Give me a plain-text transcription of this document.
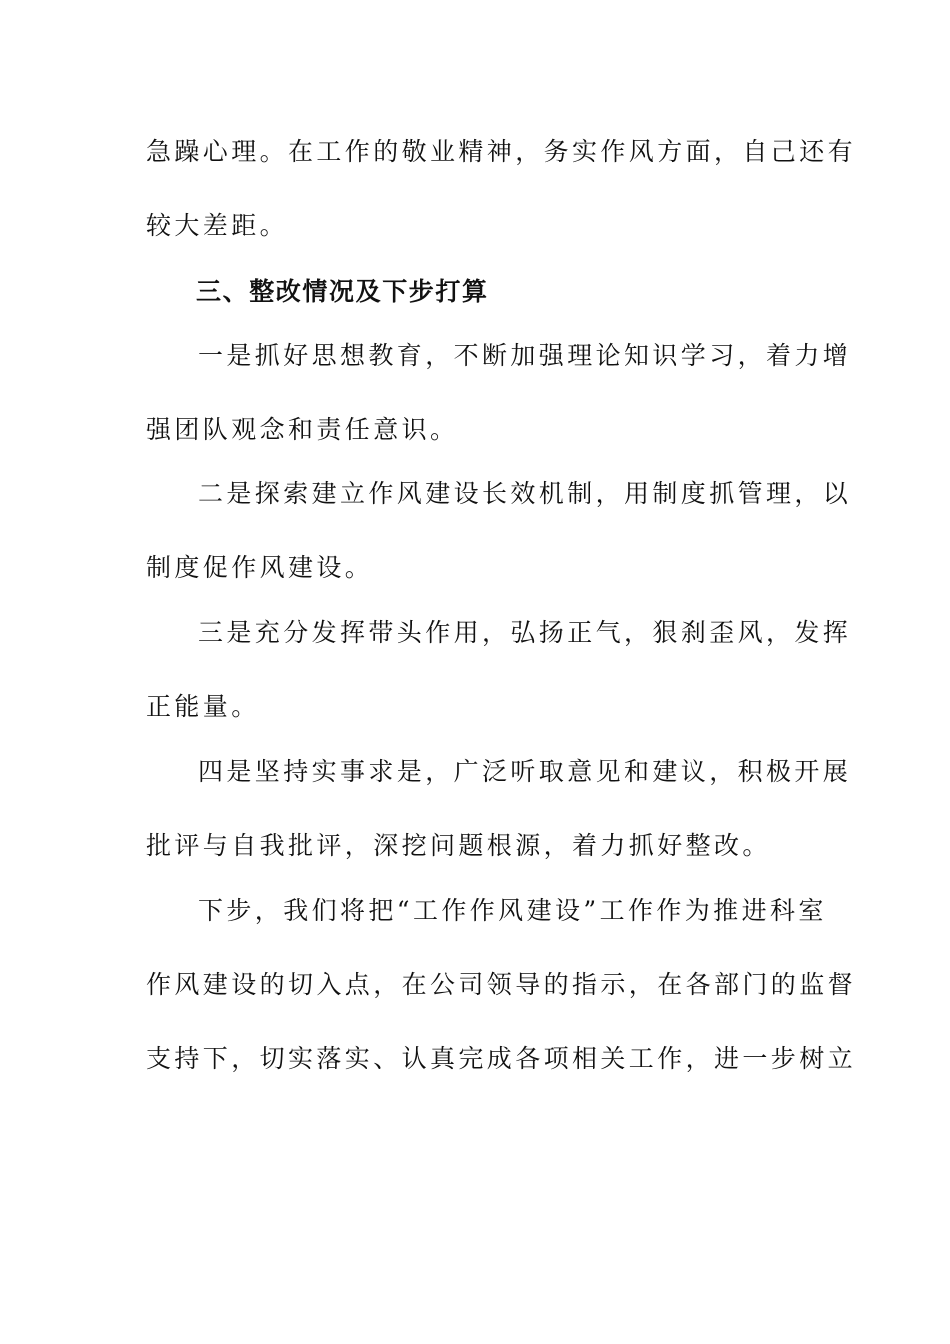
急躁心理。在工作的敬业精神，务实作风方面，自己还有
较大差距。
三、整改情况及下步打算
一是抓好思想教育，不断加强理论知识学习，着力增
强团队观念和责任意识。
二是探索建立作风建设长效机制，用制度抓管理，以
制度促作风建设。
三是充分发挥带头作用，弘扬正气，狠刹歪风，发挥
正能量。
四是坚持实事求是，广泛听取意见和建议，积极开展
批评与自我批评，深挖问题根源，着力抓好整改。
下步，我们将把“工作作风建设”工作作为推进科室
作风建设的切入点，在公司领导的指示，在各部门的监督
支持下，切实落实、认真完成各项相关工作，进一步树立
